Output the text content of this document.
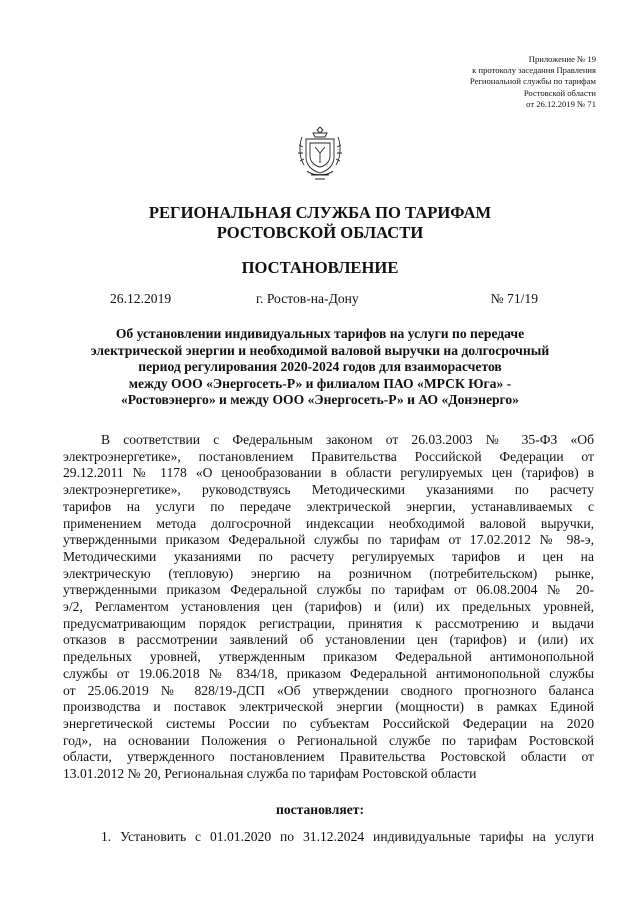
Приложение № 19
к протоколу заседания Правления
Региональной службы по тарифам
Ростовской области
от 26.12.2019 № 71
РЕГИОНАЛЬНАЯ СЛУЖБА ПО ТАРИФАМ
РОСТОВСКОЙ ОБЛАСТИ
ПОСТАНОВЛЕНИЕ
26.12.2019	г. Ростов-на-Дону	№ 71/19
Об установлении индивидуальных тарифов на услуги по передаче
электрической энергии и необходимой валовой выручки на долгосрочный
период регулирования 2020-2024 годов для взаиморасчетов
между ООО «Энергосеть-Р» и филиалом ПАО «МРСК Юга» -
«Ростовэнерго» и между ООО «Энергосеть-Р» и АО «Донэнерго»
В соответствии с Федеральным законом от 26.03.2003 № 35-ФЗ «Об
электроэнергетике», постановлением Правительства Российской Федерации от
29.12.2011 № 1178 «О ценообразовании в области регулируемых цен (тарифов) в
электроэнергетике», руководствуясь Методическими указаниями по расчету
тарифов на услуги по передаче электрической энергии, устанавливаемых с
применением метода долгосрочной индексации необходимой валовой выручки,
утвержденными приказом Федеральной службы по тарифам от 17.02.2012 № 98-э,
Методическими указаниями по расчету регулируемых тарифов и цен на
электрическую (тепловую) энергию на розничном (потребительском) рынке,
утвержденными приказом Федеральной службы по тарифам от 06.08.2004 № 20-
э/2, Регламентом установления цен (тарифов) и (или) их предельных уровней,
предусматривающим порядок регистрации, принятия к рассмотрению и выдачи
отказов в рассмотрении заявлений об установлении цен (тарифов) и (или) их
предельных уровней, утвержденным приказом Федеральной антимонопольной
службы от 19.06.2018 № 834/18, приказом Федеральной антимонопольной службы
от 25.06.2019 № 828/19-ДСП «Об утверждении сводного прогнозного баланса
производства и поставок электрической энергии (мощности) в рамках Единой
энергетической системы России по субъектам Российской Федерации на 2020
год», на основании Положения о Региональной службе по тарифам Ростовской
области, утвержденного постановлением Правительства Ростовской области от
13.01.2012 № 20, Региональная служба по тарифам Ростовской области
постановляет:
1. Установить с 01.01.2020 по 31.12.2024 индивидуальные тарифы на услуги
